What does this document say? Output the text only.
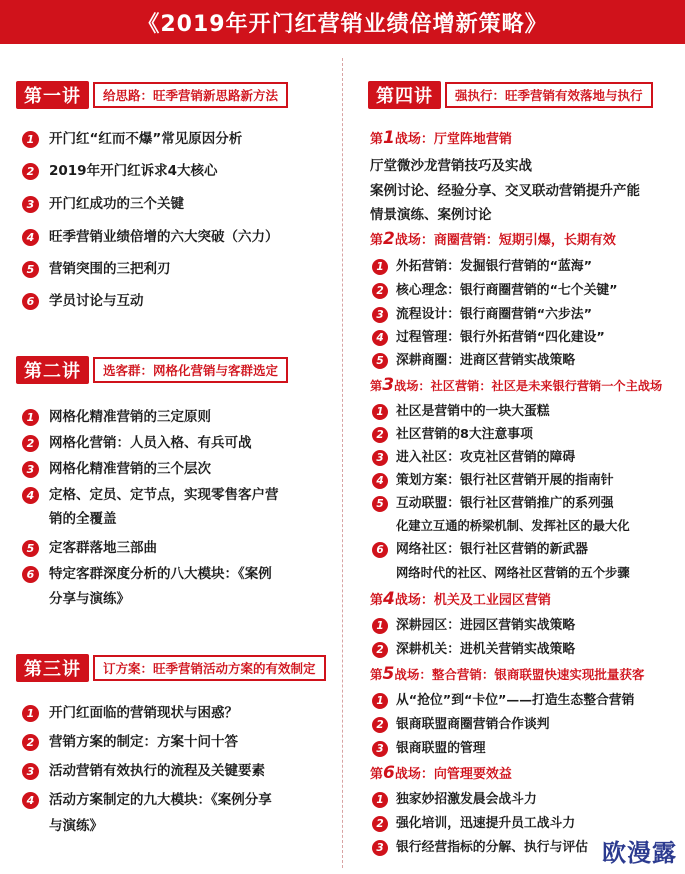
《2019年开门红营销业绩倍增新策略》
第一讲	给思路：旺季营销新思路新方法
1	开门红“红而不爆”常见原因分析
2	2019年开门红诉求4大核心
3	开门红成功的三个关键
4	旺季营销业绩倍增的六大突破（六力）
5	营销突围的三把利刃
6	学员讨论与互动
第二讲	选客群：网格化营销与客群选定
1	网格化精准营销的三定原则
2	网格化营销：人员入格、有兵可战
3	网格化精准营销的三个层次
4	定格、定员、定节点，实现零售客户营
销的全覆盖
5	定客群落地三部曲
6	特定客群深度分析的八大模块：《案例
分享与演练》
第三讲	订方案：旺季营销活动方案的有效制定
1	开门红面临的营销现状与困惑？
2	营销方案的制定：方案十问十答
3	活动营销有效执行的流程及关键要素
4	活动方案制定的九大模块：《案例分享
与演练》
第四讲	强执行：旺季营销有效落地与执行
第1战场：厅堂阵地营销
厅堂微沙龙营销技巧及实战
案例讨论、经验分享、交叉联动营销提升产能
情景演练、案例讨论
第2战场：商圈营销：短期引爆，长期有效
1 外拓营销：发掘银行营销的“蓝海”
2 核心理念：银行商圈营销的“七个关键”
3 流程设计：银行商圈营销“六步法”
4 过程管理：银行外拓营销“四化建设”
5 深耕商圈：进商区营销实战策略
第3战场：社区营销：社区是未来银行营销一个主战场
1 社区是营销中的一块大蛋糕
2 社区营销的8大注意事项
3 进入社区：攻克社区营销的障碍
4 策划方案：银行社区营销开展的指南针
5 互动联盟：银行社区营销推广的系列强
化建立互通的桥梁机制、发挥社区的最大化
6 网络社区：银行社区营销的新武器
网络时代的社区、网络社区营销的五个步骤
第4战场：机关及工业园区营销
1 深耕园区：进园区营销实战策略
2 深耕机关：进机关营销实战策略
第5战场：整合营销：银商联盟快速实现批量获客
1 从“抢位”到“卡位”——打造生态整合营销
2 银商联盟商圈营销合作谈判
3 银商联盟的管理
第6战场：向管理要效益
1 独家妙招激发晨会战斗力
2 强化培训，迅速提升员工战斗力
3 银行经营指标的分解、执行与评估 欧漫露
